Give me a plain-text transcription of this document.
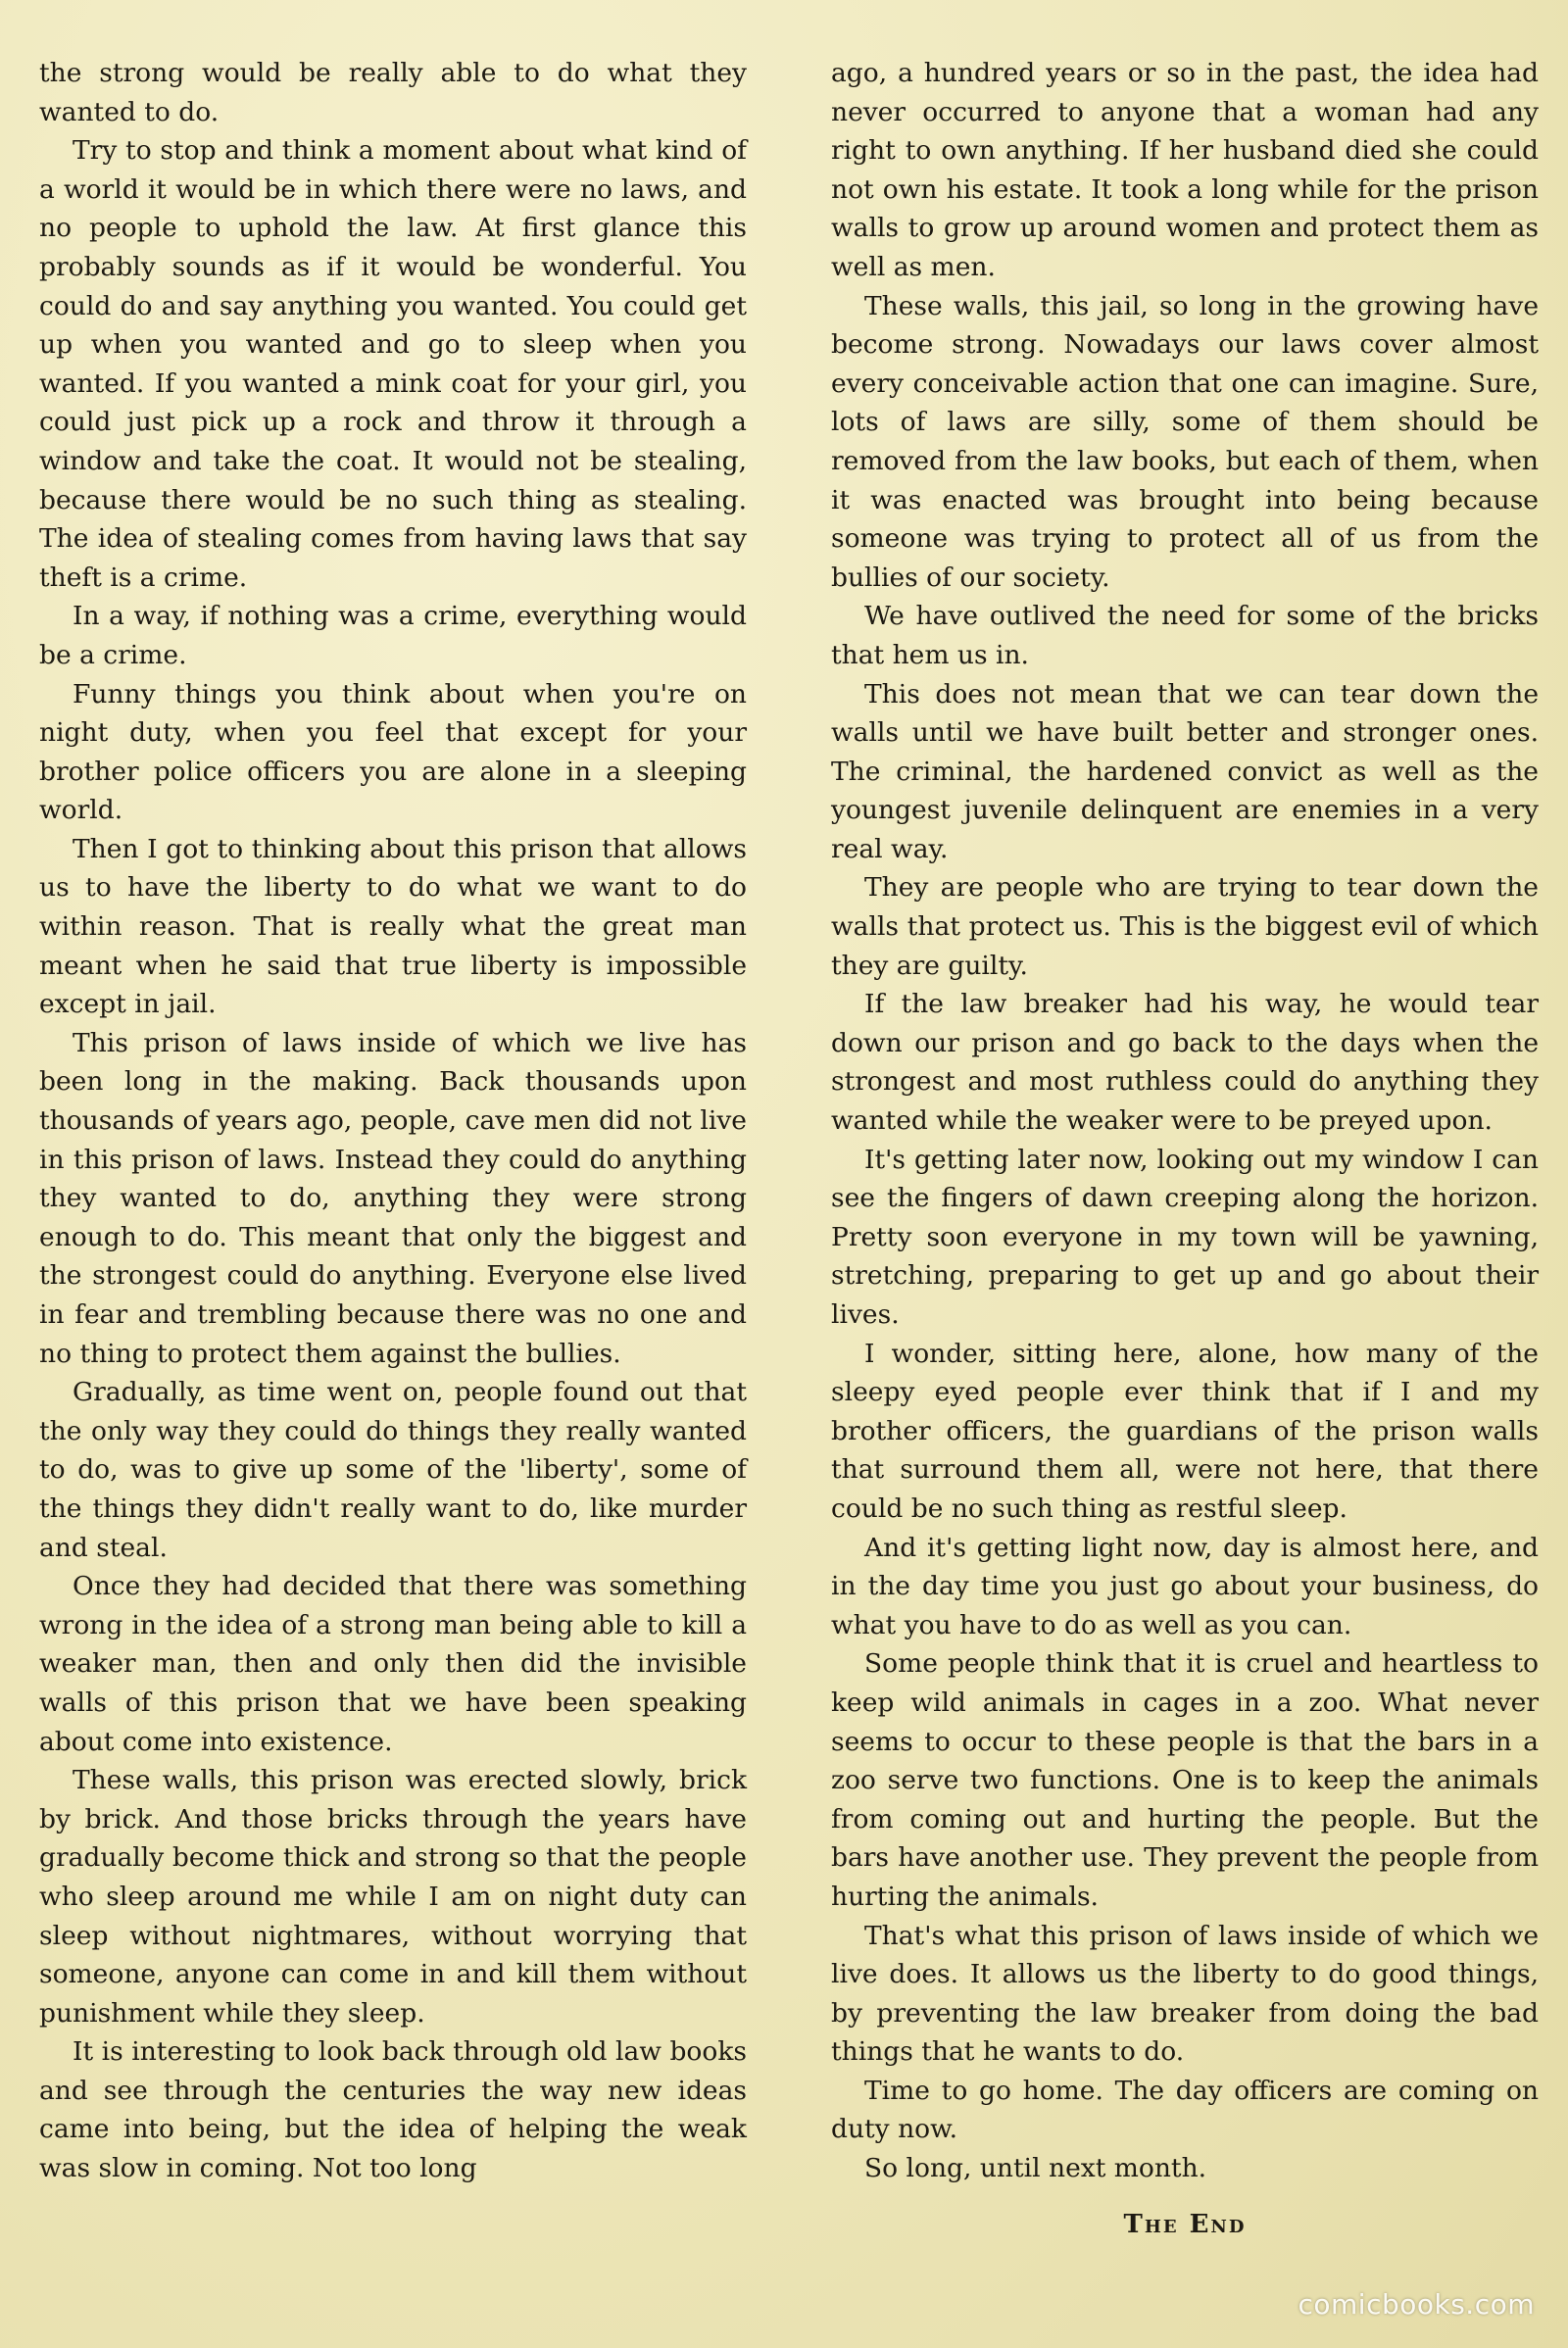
the strong would be really able to do what they wanted to do.

Try to stop and think a moment about what kind of a world it would be in which there were no laws, and no people to uphold the law. At first glance this probably sounds as if it would be wonderful. You could do and say anything you wanted. You could get up when you wanted and go to sleep when you wanted. If you wanted a mink coat for your girl, you could just pick up a rock and throw it through a window and take the coat. It would not be stealing, because there would be no such thing as stealing. The idea of stealing comes from having laws that say theft is a crime.

In a way, if nothing was a crime, everything would be a crime.

Funny things you think about when you're on night duty, when you feel that except for your brother police officers you are alone in a sleeping world.

Then I got to thinking about this prison that allows us to have the liberty to do what we want to do within reason. That is really what the great man meant when he said that true liberty is impossible except in jail.

This prison of laws inside of which we live has been long in the making. Back thousands upon thousands of years ago, people, cave men did not live in this prison of laws. Instead they could do anything they wanted to do, anything they were strong enough to do. This meant that only the biggest and the strongest could do anything. Everyone else lived in fear and trembling because there was no one and no thing to protect them against the bullies.

Gradually, as time went on, people found out that the only way they could do things they really wanted to do, was to give up some of the 'liberty', some of the things they didn't really want to do, like murder and steal.

Once they had decided that there was something wrong in the idea of a strong man being able to kill a weaker man, then and only then did the invisible walls of this prison that we have been speaking about come into existence.

These walls, this prison was erected slowly, brick by brick. And those bricks through the years have gradually become thick and strong so that the people who sleep around me while I am on night duty can sleep without nightmares, without worrying that someone, anyone can come in and kill them without punishment while they sleep.

It is interesting to look back through old law books and see through the centuries the way new ideas came into being, but the idea of helping the weak was slow in coming. Not too long

ago, a hundred years or so in the past, the idea had never occurred to anyone that a woman had any right to own anything. If her husband died she could not own his estate. It took a long while for the prison walls to grow up around women and protect them as well as men.

These walls, this jail, so long in the growing have become strong. Nowadays our laws cover almost every conceivable action that one can imagine. Sure, lots of laws are silly, some of them should be removed from the law books, but each of them, when it was enacted was brought into being because someone was trying to protect all of us from the bullies of our society.

We have outlived the need for some of the bricks that hem us in.

This does not mean that we can tear down the walls until we have built better and stronger ones. The criminal, the hardened convict as well as the youngest juvenile delinquent are enemies in a very real way.

They are people who are trying to tear down the walls that protect us. This is the biggest evil of which they are guilty.

If the law breaker had his way, he would tear down our prison and go back to the days when the strongest and most ruthless could do anything they wanted while the weaker were to be preyed upon.

It's getting later now, looking out my window I can see the fingers of dawn creeping along the horizon. Pretty soon everyone in my town will be yawning, stretching, preparing to get up and go about their lives.

I wonder, sitting here, alone, how many of the sleepy eyed people ever think that if I and my brother officers, the guardians of the prison walls that surround them all, were not here, that there could be no such thing as restful sleep.

And it's getting light now, day is almost here, and in the day time you just go about your business, do what you have to do as well as you can.

Some people think that it is cruel and heartless to keep wild animals in cages in a zoo. What never seems to occur to these people is that the bars in a zoo serve two functions. One is to keep the animals from coming out and hurting the people. But the bars have another use. They prevent the people from hurting the animals.

That's what this prison of laws inside of which we live does. It allows us the liberty to do good things, by preventing the law breaker from doing the bad things that he wants to do.

Time to go home. The day officers are coming on duty now.

So long, until next month.

The End
comicbooks.com
